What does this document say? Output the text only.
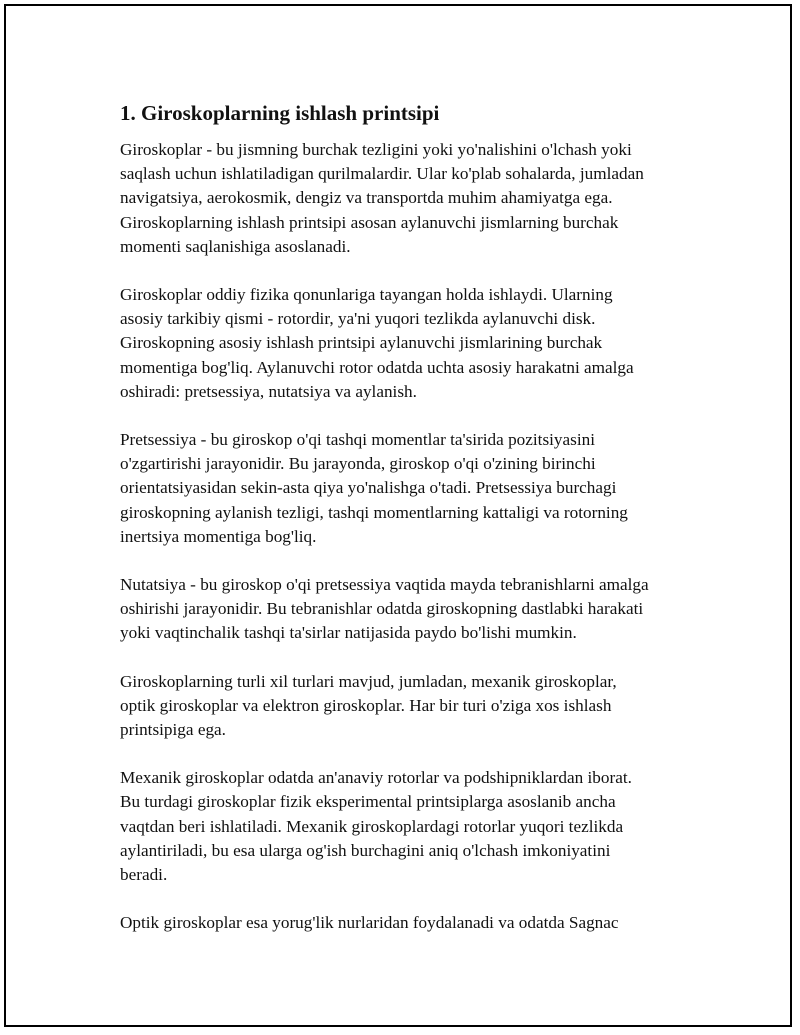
1. Giroskoplarning ishlash printsipi

Giroskoplar - bu jismning burchak tezligini yoki yo'nalishini o'lchash yoki
saqlash uchun ishlatiladigan qurilmalardir. Ular ko'plab sohalarda, jumladan
navigatsiya, aerokosmik, dengiz va transportda muhim ahamiyatga ega.
Giroskoplarning ishlash printsipi asosan aylanuvchi jismlarning burchak
momenti saqlanishiga asoslanadi.

Giroskoplar oddiy fizika qonunlariga tayangan holda ishlaydi. Ularning
asosiy tarkibiy qismi - rotordir, ya'ni yuqori tezlikda aylanuvchi disk.
Giroskopning asosiy ishlash printsipi aylanuvchi jismlarining burchak
momentiga bog'liq. Aylanuvchi rotor odatda uchta asosiy harakatni amalga
oshiradi: pretsessiya, nutatsiya va aylanish.

Pretsessiya - bu giroskop o'qi tashqi momentlar ta'sirida pozitsiyasini
o'zgartirishi jarayonidir. Bu jarayonda, giroskop o'qi o'zining birinchi
orientatsiyasidan sekin-asta qiya yo'nalishga o'tadi. Pretsessiya burchagi
giroskopning aylanish tezligi, tashqi momentlarning kattaligi va rotorning
inertsiya momentiga bog'liq.

Nutatsiya - bu giroskop o'qi pretsessiya vaqtida mayda tebranishlarni amalga
oshirishi jarayonidir. Bu tebranishlar odatda giroskopning dastlabki harakati
yoki vaqtinchalik tashqi ta'sirlar natijasida paydo bo'lishi mumkin.

Giroskoplarning turli xil turlari mavjud, jumladan, mexanik giroskoplar,
optik giroskoplar va elektron giroskoplar. Har bir turi o'ziga xos ishlash
printsipiga ega.

Mexanik giroskoplar odatda an'anaviy rotorlar va podshipniklardan iborat.
Bu turdagi giroskoplar fizik eksperimental printsiplarga asoslanib ancha
vaqtdan beri ishlatiladi. Mexanik giroskoplardagi rotorlar yuqori tezlikda
aylantiriladi, bu esa ularga og'ish burchagini aniq o'lchash imkoniyatini
beradi.

Optik giroskoplar esa yorug'lik nurlaridan foydalanadi va odatda Sagnac
